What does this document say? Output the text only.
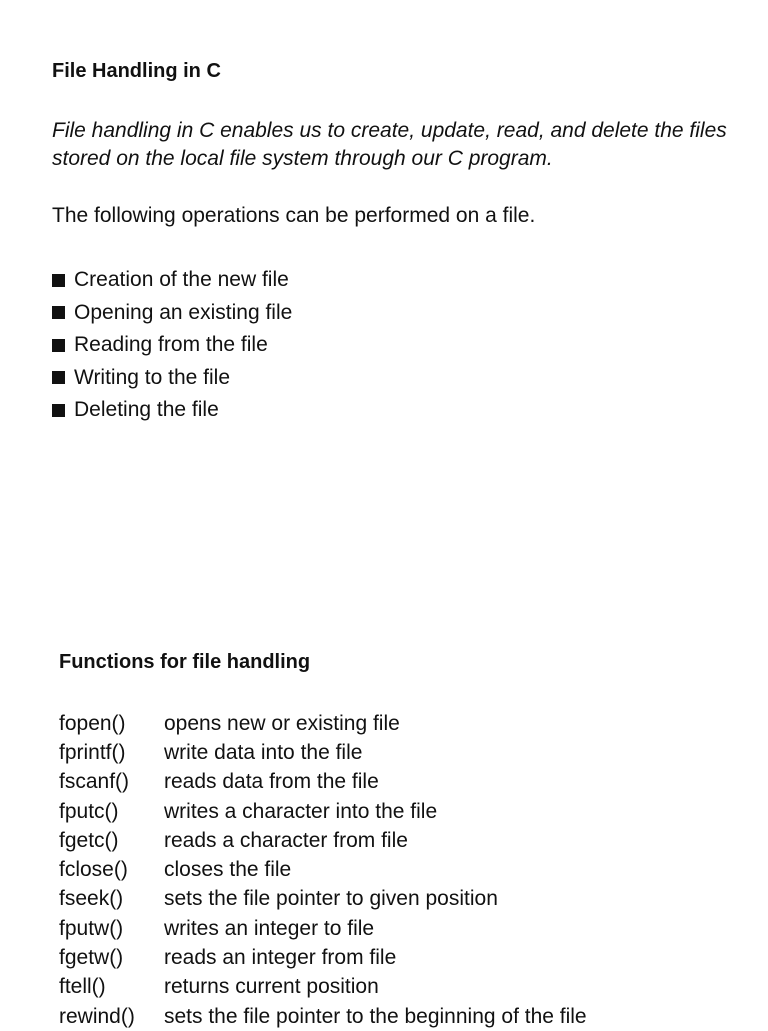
File Handling in C

File handling in C enables us to create, update, read, and delete the files stored on the local file system through our C program.

The following operations can be performed on a file.

Creation of the new file
Opening an existing file
Reading from the file
Writing to the file
Deleting the file
Functions for file handling
fopen()	opens new or existing file
fprintf()	write data into the file
fscanf()	reads data from the file
fputc()	writes a character into the file
fgetc()	reads a character from file
fclose()	closes the file
fseek()	sets the file pointer to given position
fputw()	writes an integer to file
fgetw()	reads an integer from file
ftell()	returns current position
rewind()	sets the file pointer to the beginning of the file
